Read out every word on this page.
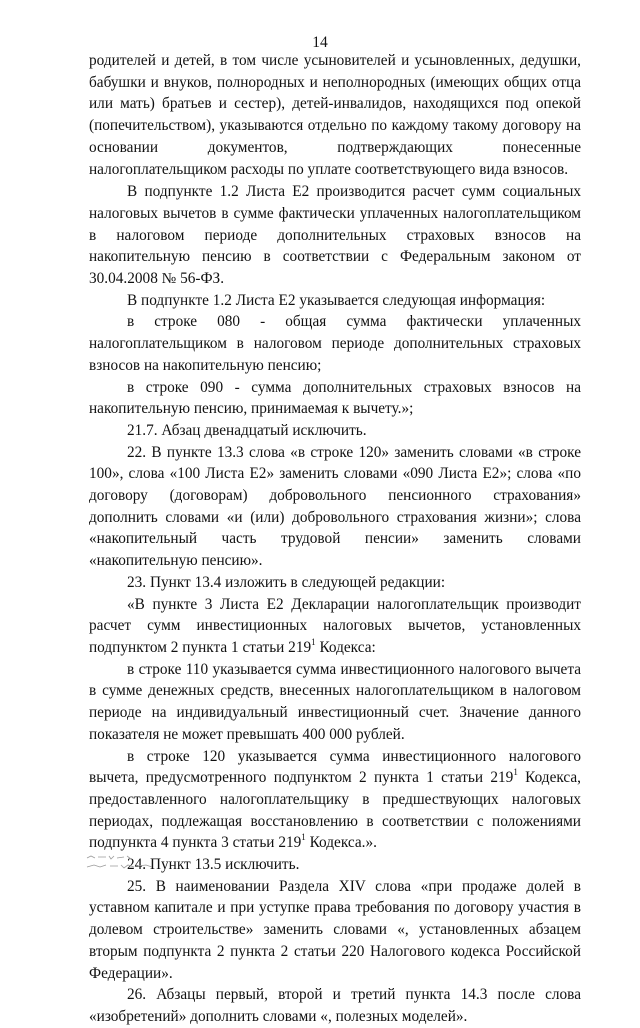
14

родителей и детей, в том числе усыновителей и усыновленных, дедушки, бабушки и внуков, полнородных и неполнородных (имеющих общих отца или мать) братьев и сестер), детей-инвалидов, находящихся под опекой (попечительством), указываются отдельно по каждому такому договору на основании документов, подтверждающих понесенные налогоплательщиком расходы по уплате соответствующего вида взносов.

В подпункте 1.2 Листа Е2 производится расчет сумм социальных налоговых вычетов в сумме фактически уплаченных налогоплательщиком в налоговом периоде дополнительных страховых взносов на накопительную пенсию в соответствии с Федеральным законом от 30.04.2008 № 56-ФЗ.

В подпункте 1.2 Листа Е2 указывается следующая информация:

в строке 080 - общая сумма фактически уплаченных налогоплательщиком в налоговом периоде дополнительных страховых взносов на накопительную пенсию;

в строке 090 - сумма дополнительных страховых взносов на накопительную пенсию, принимаемая к вычету.»;

21.7. Абзац двенадцатый исключить.

22. В пункте 13.3 слова «в строке 120» заменить словами «в строке 100», слова «100 Листа Е2» заменить словами «090 Листа Е2»; слова «по договору (договорам) добровольного пенсионного страхования» дополнить словами «и (или) добровольного страхования жизни»; слова «накопительный часть трудовой пенсии» заменить словами «накопительную пенсию».

23. Пункт 13.4 изложить в следующей редакции:

«В пункте 3 Листа Е2 Декларации налогоплательщик производит расчет сумм инвестиционных налоговых вычетов, установленных подпунктом 2 пункта 1 статьи $219^1$ Кодекса:

в строке 110 указывается сумма инвестиционного налогового вычета в сумме денежных средств, внесенных налогоплательщиком в налоговом периоде на индивидуальный инвестиционный счет. Значение данного показателя не может превышать 400 000 рублей.

в строке 120 указывается сумма инвестиционного налогового вычета, предусмотренного подпунктом 2 пункта 1 статьи $219^1$ Кодекса, предоставленного налогоплательщику в предшествующих налоговых периодах, подлежащая восстановлению в соответствии с положениями подпункта 4 пункта 3 статьи $219^1$ Кодекса.».

24. Пункт 13.5 исключить.

25. В наименовании Раздела XIV слова «при продаже долей в уставном капитале и при уступке права требования по договору участия в долевом строительстве» заменить словами «, установленных абзацем вторым подпункта 2 пункта 2 статьи 220 Налогового кодекса Российской Федерации».

26. Абзацы первый, второй и третий пункта 14.3 после слова «изобретений» дополнить словами «, полезных моделей».
